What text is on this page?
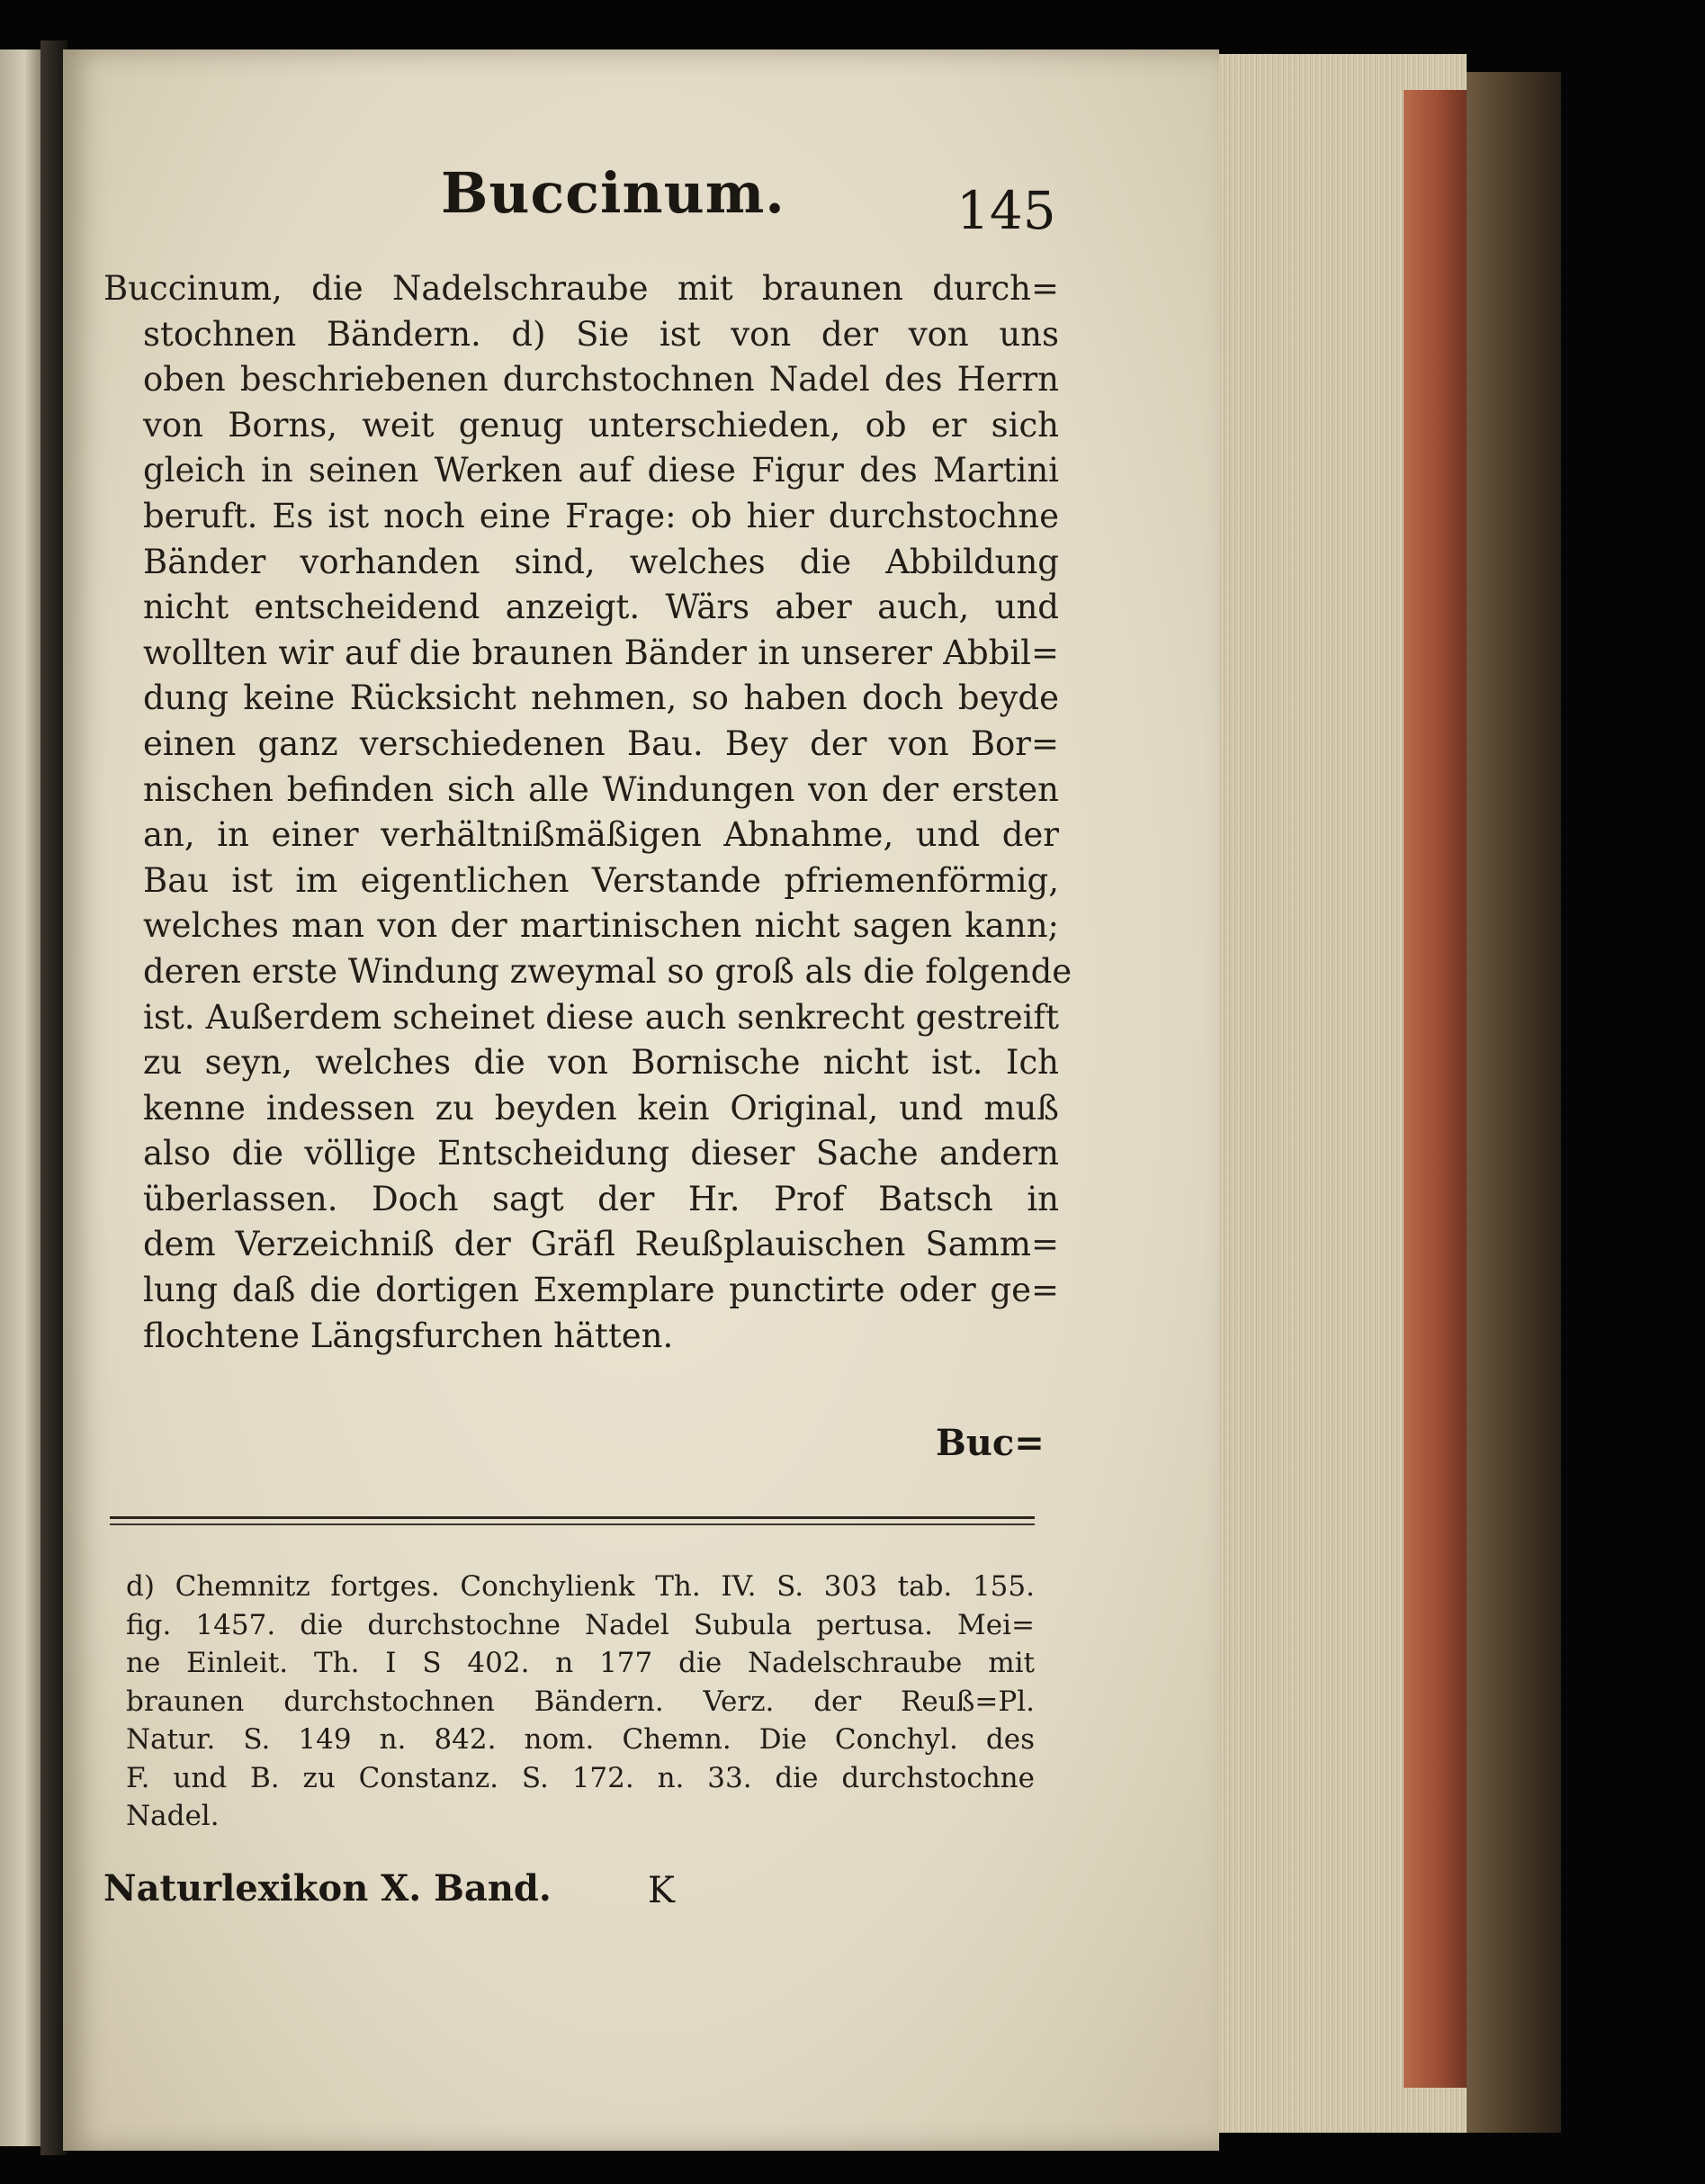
Buccinum.	145
Buccinum, die Nadelschraube mit braunen durch=
stochnen Bändern. d) Sie ist von der von uns
oben beschriebenen durchstochnen Nadel des Herrn
von Borns, weit genug unterschieden, ob er sich
gleich in seinen Werken auf diese Figur des Martini
beruft. Es ist noch eine Frage: ob hier durchstochne
Bänder vorhanden sind, welches die Abbildung
nicht entscheidend anzeigt. Wärs aber auch, und
wollten wir auf die braunen Bänder in unserer Abbil=
dung keine Rücksicht nehmen, so haben doch beyde
einen ganz verschiedenen Bau. Bey der von Bor=
nischen befinden sich alle Windungen von der ersten
an, in einer verhältnißmäßigen Abnahme, und der
Bau ist im eigentlichen Verstande pfriemenförmig,
welches man von der martinischen nicht sagen kann;
deren erste Windung zweymal so groß als die folgende
ist. Außerdem scheinet diese auch senkrecht gestreift
zu seyn, welches die von Bornische nicht ist. Ich
kenne indessen zu beyden kein Original, und muß
also die völlige Entscheidung dieser Sache andern
überlassen. Doch sagt der Hr. Prof Batsch in
dem Verzeichniß der Gräfl Reußplauischen Samm=
lung daß die dortigen Exemplare punctirte oder ge=
flochtene Längsfurchen hätten.
Buc=
d) Chemnitz fortges. Conchylienk Th. IV. S. 303 tab. 155.
fig. 1457. die durchstochne Nadel Subula pertusa. Mei=
ne Einleit. Th. I S 402. n 177 die Nadelschraube mit
braunen durchstochnen Bändern. Verz. der Reuß=Pl.
Natur. S. 149 n. 842. nom. Chemn. Die Conchyl. des
F. und B. zu Constanz. S. 172. n. 33. die durchstochne
Nadel.
Naturlexikon X. Band.	K
